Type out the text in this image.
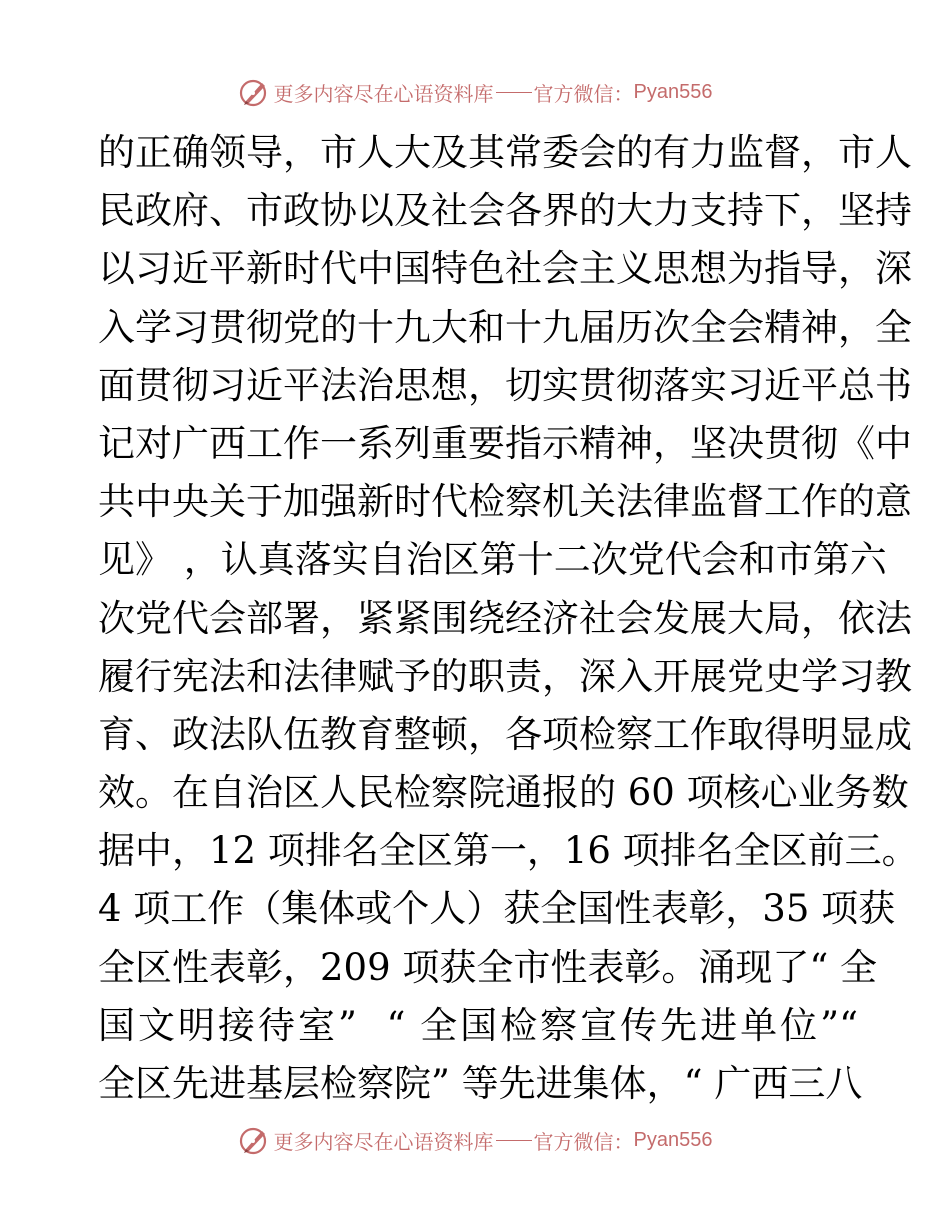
更多内容尽在心语资料库 官方微信： Pyan556
的正确领导，市人大及其常委会的有力监督，市人
民政府、市政协以及社会各界的大力支持下，坚持
以习近平新时代中国特色社会主义思想为指导，深
入学习贯彻党的十九大和十九届历次全会精神，全
面贯彻习近平法治思想，切实贯彻落实习近平总书
记对广西工作一系列重要指示精神，坚决贯彻《中
共中央关于加强新时代检察机关法律监督工作的意
见》 ，认真落实自治区第十二次党代会和市第六
次党代会部署，紧紧围绕经济社会发展大局，依法
履行宪法和法律赋予的职责，深入开展党史学习教
育、政法队伍教育整顿，各项检察工作取得明显成
效。在自治区人民检察院通报的 60 项核心业务数
据中，12 项排名全区第一，16 项排名全区前三。
4 项工作（集体或个人）获全国性表彰，35 项获
全区性表彰，209 项获全市性表彰。涌现了“ 全
国文明接待室”  “ 全国检察宣传先进单位”“
全区先进基层检察院” 等先进集体，“ 广西三八
更多内容尽在心语资料库 官方微信： Pyan556
